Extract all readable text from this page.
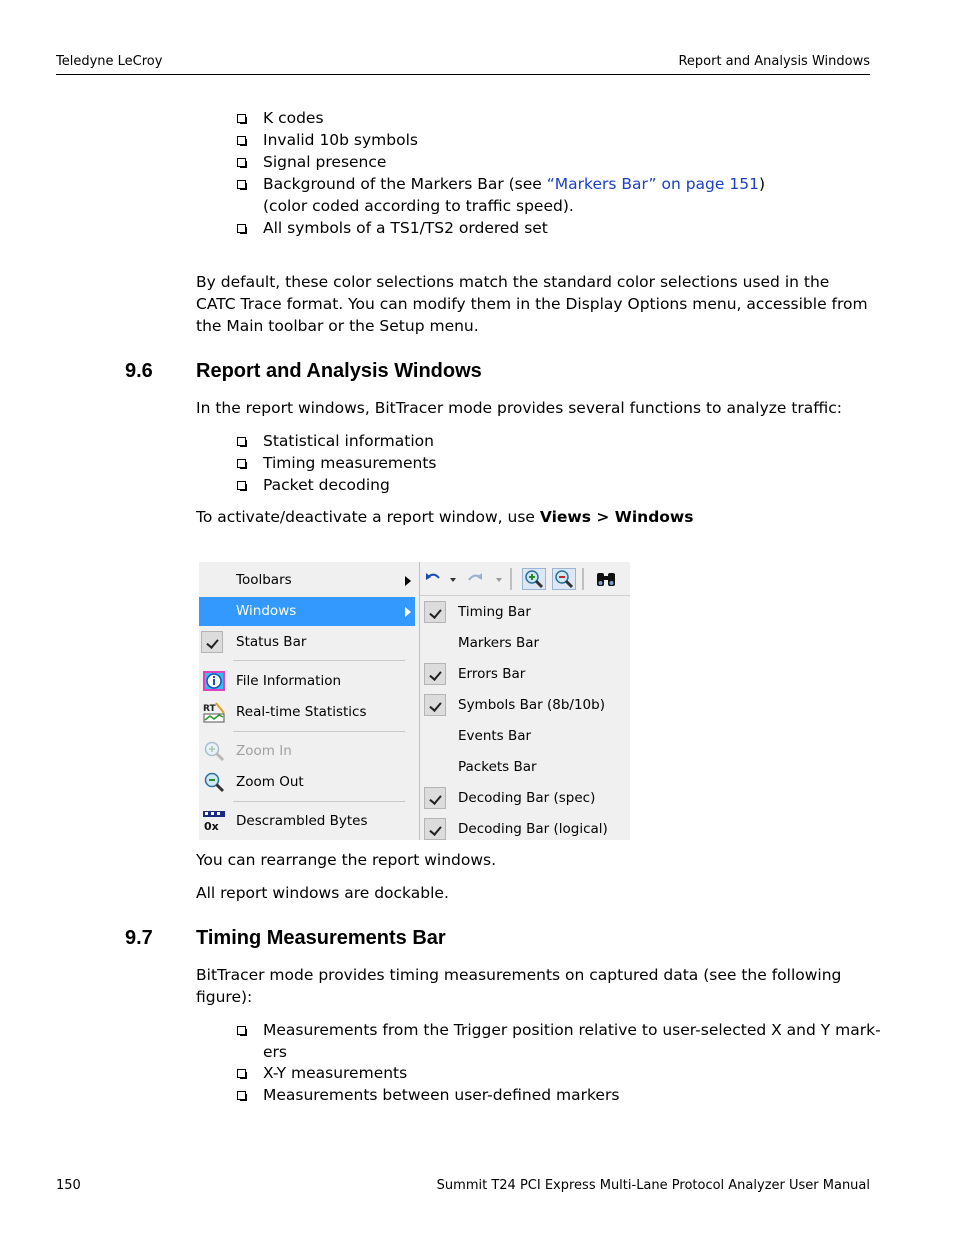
Teledyne LeCroy	Report and Analysis Windows
K codes
Invalid 10b symbols
Signal presence
Background of the Markers Bar (see “Markers Bar” on page 151)
(color coded according to traffic speed).
All symbols of a TS1/TS2 ordered set
By default, these color selections match the standard color selections used in the
CATC Trace format. You can modify them in the Display Options menu, accessible from
the Main toolbar or the Setup menu.
9.6 Report and Analysis Windows
In the report windows, BitTracer mode provides several functions to analyze traffic:
Statistical information
Timing measurements
Packet decoding
To activate/deactivate a report window, use Views > Windows
Toolbars
Windows
Status Bar
File Information
RT Real-time Statistics
Zoom In
Zoom Out
0x Descrambled Bytes
Timing Bar
Markers Bar
Errors Bar
Symbols Bar (8b/10b)
Events Bar
Packets Bar
Decoding Bar (spec)
Decoding Bar (logical)
You can rearrange the report windows.
All report windows are dockable.
9.7 Timing Measurements Bar
BitTracer mode provides timing measurements on captured data (see the following
figure):
Measurements from the Trigger position relative to user-selected X and Y mark-
ers
X-Y measurements
Measurements between user-defined markers
150	Summit T24 PCI Express Multi-Lane Protocol Analyzer User Manual
